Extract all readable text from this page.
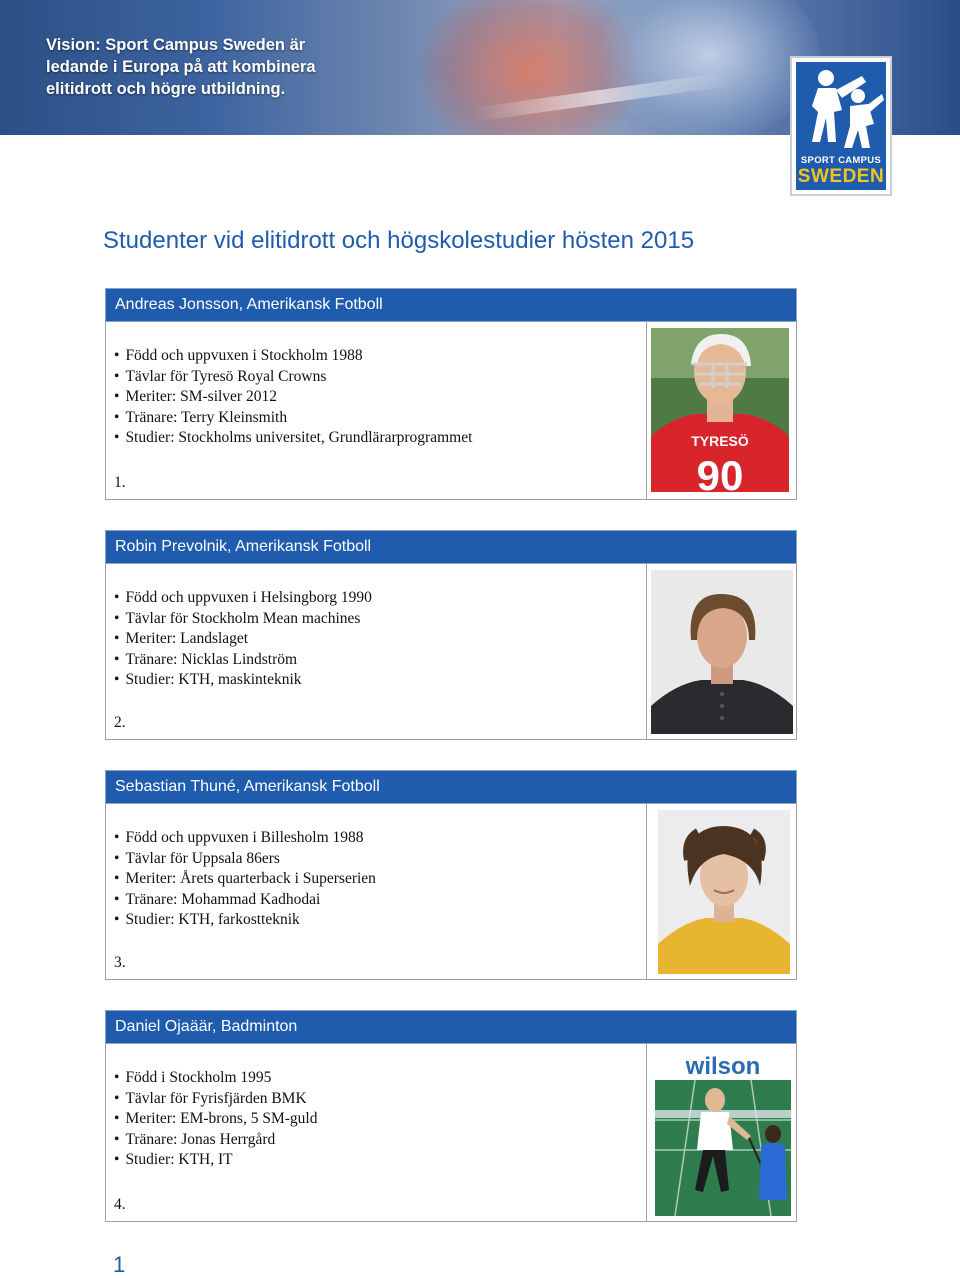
Vision: Sport Campus Sweden är
ledande i Europa på att kombinera
elitidrott och högre utbildning.
SPORT CAMPUS
SWEDEN
Studenter vid elitidrott och högskolestudier hösten 2015
Andreas Jonsson, Amerikansk Fotboll
• Född och uppvuxen i Stockholm 1988
• Tävlar för Tyresö Royal Crowns
• Meriter: SM-silver 2012
• Tränare: Terry Kleinsmith
• Studier: Stockholms universitet, Grundlärarprogrammet
1.
TYRESÖ
90
Robin Prevolnik, Amerikansk Fotboll
• Född och uppvuxen i Helsingborg 1990
• Tävlar för Stockholm Mean machines
• Meriter: Landslaget
• Tränare: Nicklas Lindström
• Studier: KTH, maskinteknik
2.
Sebastian Thuné, Amerikansk Fotboll
• Född och uppvuxen i Billesholm 1988
• Tävlar för Uppsala 86ers
• Meriter: Årets quarterback i Superserien
• Tränare: Mohammad Kadhodai
• Studier: KTH, farkostteknik
3.
Daniel Ojaäär, Badminton
• Född i Stockholm 1995
• Tävlar för Fyrisfjärden BMK
• Meriter: EM-brons, 5 SM-guld
• Tränare: Jonas Herrgård
• Studier: KTH, IT
4.
wilson
1
